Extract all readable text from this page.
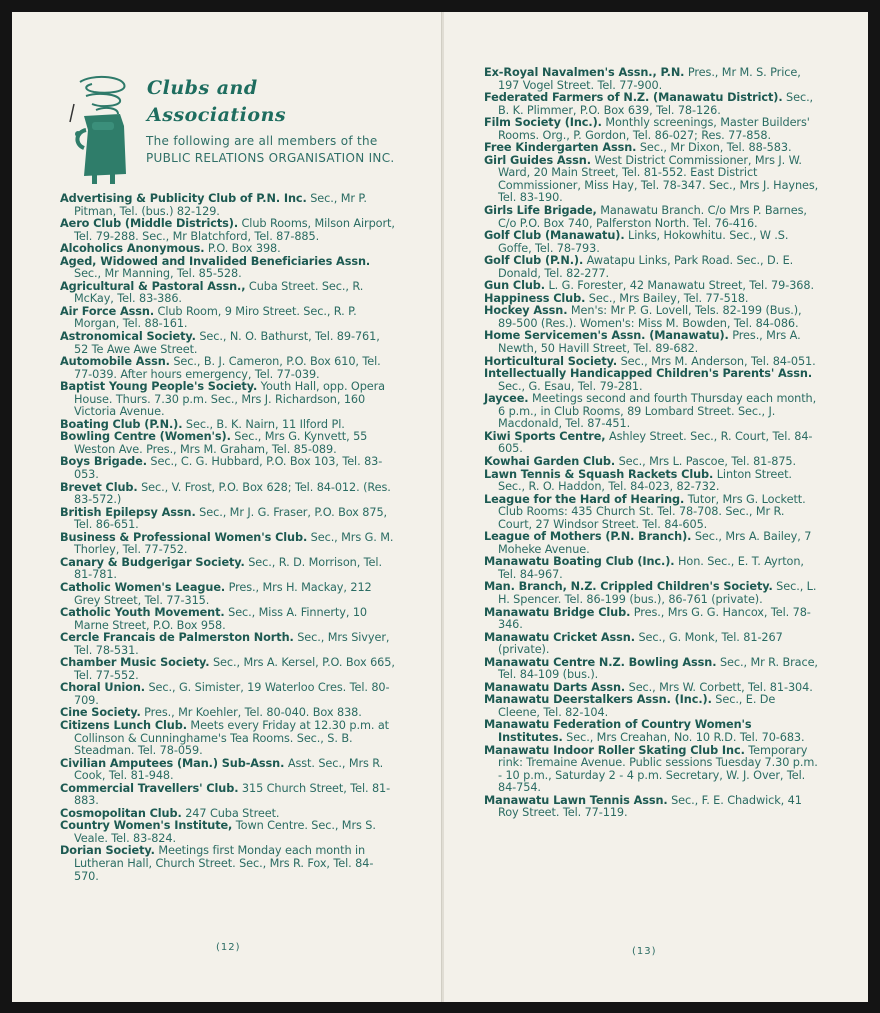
Clubs and
Associations
The following are all members of the PUBLIC RELATIONS ORGANISATION INC.
Advertising & Publicity Club of P.N. Inc. Sec., Mr P. Pitman, Tel. (bus.) 82-129.
Aero Club (Middle Districts). Club Rooms, Milson Airport, Tel. 79-288. Sec., Mr Blatchford, Tel. 87-885.
Alcoholics Anonymous. P.O. Box 398.
Aged, Widowed and Invalided Beneficiaries Assn. Sec., Mr Manning, Tel. 85-528.
Agricultural & Pastoral Assn., Cuba Street. Sec., R. McKay, Tel. 83-386.
Air Force Assn. Club Room, 9 Miro Street. Sec., R. P. Morgan, Tel. 88-161.
Astronomical Society. Sec., N. O. Bathurst, Tel. 89-761, 52 Te Awe Awe Street.
Automobile Assn. Sec., B. J. Cameron, P.O. Box 610, Tel. 77-039. After hours emergency, Tel. 77-039.
Baptist Young People's Society. Youth Hall, opp. Opera House. Thurs. 7.30 p.m. Sec., Mrs J. Richardson, 160 Victoria Avenue.
Boating Club (P.N.). Sec., B. K. Nairn, 11 Ilford Pl.
Bowling Centre (Women's). Sec., Mrs G. Kynvett, 55 Weston Ave. Pres., Mrs M. Graham, Tel. 85-089.
Boys Brigade. Sec., C. G. Hubbard, P.O. Box 103, Tel. 83-053.
Brevet Club. Sec., V. Frost, P.O. Box 628; Tel. 84-012. (Res. 83-572.)
British Epilepsy Assn. Sec., Mr J. G. Fraser, P.O. Box 875, Tel. 86-651.
Business & Professional Women's Club. Sec., Mrs G. M. Thorley, Tel. 77-752.
Canary & Budgerigar Society. Sec., R. D. Morrison, Tel. 81-781.
Catholic Women's League. Pres., Mrs H. Mackay, 212 Grey Street, Tel. 77-315.
Catholic Youth Movement. Sec., Miss A. Finnerty, 10 Marne Street, P.O. Box 958.
Cercle Francais de Palmerston North. Sec., Mrs Sivyer, Tel. 78-531.
Chamber Music Society. Sec., Mrs A. Kersel, P.O. Box 665, Tel. 77-552.
Choral Union. Sec., G. Simister, 19 Waterloo Cres. Tel. 80-709.
Cine Society. Pres., Mr Koehler, Tel. 80-040. Box 838.
Citizens Lunch Club. Meets every Friday at 12.30 p.m. at Collinson & Cunninghame's Tea Rooms. Sec., S. B. Steadman. Tel. 78-059.
Civilian Amputees (Man.) Sub-Assn. Asst. Sec., Mrs R. Cook, Tel. 81-948.
Commercial Travellers' Club. 315 Church Street, Tel. 81-883.
Cosmopolitan Club. 247 Cuba Street.
Country Women's Institute, Town Centre. Sec., Mrs S. Veale. Tel. 83-824.
Dorian Society. Meetings first Monday each month in Lutheran Hall, Church Street. Sec., Mrs R. Fox, Tel. 84-570.
(12)
Ex-Royal Navalmen's Assn., P.N. Pres., Mr M. S. Price, 197 Vogel Street. Tel. 77-900.
Federated Farmers of N.Z. (Manawatu District). Sec., B. K. Plimmer, P.O. Box 639, Tel. 78-126.
Film Society (Inc.). Monthly screenings, Master Builders' Rooms. Org., P. Gordon, Tel. 86-027; Res. 77-858.
Free Kindergarten Assn. Sec., Mr Dixon, Tel. 88-583.
Girl Guides Assn. West District Commissioner, Mrs J. W. Ward, 20 Main Street, Tel. 81-552. East District Commissioner, Miss Hay, Tel. 78-347. Sec., Mrs J. Haynes, Tel. 83-190.
Girls Life Brigade, Manawatu Branch. C/o Mrs P. Barnes, C/o P.O. Box 740, Palferston North. Tel. 76-416.
Golf Club (Manawatu). Links, Hokowhitu. Sec., W .S. Goffe, Tel. 78-793.
Golf Club (P.N.). Awatapu Links, Park Road. Sec., D. E. Donald, Tel. 82-277.
Gun Club. L. G. Forester, 42 Manawatu Street, Tel. 79-368.
Happiness Club. Sec., Mrs Bailey, Tel. 77-518.
Hockey Assn. Men's: Mr P. G. Lovell, Tels. 82-199 (Bus.), 89-500 (Res.). Women's: Miss M. Bowden, Tel. 84-086.
Home Servicemen's Assn. (Manawatu). Pres., Mrs A. Newth, 50 Havill Street, Tel. 89-682.
Horticultural Society. Sec., Mrs M. Anderson, Tel. 84-051.
Intellectually Handicapped Children's Parents' Assn. Sec., G. Esau, Tel. 79-281.
Jaycee. Meetings second and fourth Thursday each month, 6 p.m., in Club Rooms, 89 Lombard Street. Sec., J. Macdonald, Tel. 87-451.
Kiwi Sports Centre, Ashley Street. Sec., R. Court, Tel. 84-605.
Kowhai Garden Club. Sec., Mrs L. Pascoe, Tel. 81-875.
Lawn Tennis & Squash Rackets Club. Linton Street. Sec., R. O. Haddon, Tel. 84-023, 82-732.
League for the Hard of Hearing. Tutor, Mrs G. Lockett. Club Rooms: 435 Church St. Tel. 78-708. Sec., Mr R. Court, 27 Windsor Street. Tel. 84-605.
League of Mothers (P.N. Branch). Sec., Mrs A. Bailey, 7 Moheke Avenue.
Manawatu Boating Club (Inc.). Hon. Sec., E. T. Ayrton, Tel. 84-967.
Man. Branch, N.Z. Crippled Children's Society. Sec., L. H. Spencer. Tel. 86-199 (bus.), 86-761 (private).
Manawatu Bridge Club. Pres., Mrs G. G. Hancox, Tel. 78-346.
Manawatu Cricket Assn. Sec., G. Monk, Tel. 81-267 (private).
Manawatu Centre N.Z. Bowling Assn. Sec., Mr R. Brace, Tel. 84-109 (bus.).
Manawatu Darts Assn. Sec., Mrs W. Corbett, Tel. 81-304.
Manawatu Deerstalkers Assn. (Inc.). Sec., E. De Cleene, Tel. 82-104.
Manawatu Federation of Country Women's Institutes. Sec., Mrs Creahan, No. 10 R.D. Tel. 70-683.
Manawatu Indoor Roller Skating Club Inc. Temporary rink: Tremaine Avenue. Public sessions Tuesday 7.30 p.m. - 10 p.m., Saturday 2 - 4 p.m. Secretary, W. J. Over, Tel. 84-754.
Manawatu Lawn Tennis Assn. Sec., F. E. Chadwick, 41 Roy Street. Tel. 77-119.
(13)
